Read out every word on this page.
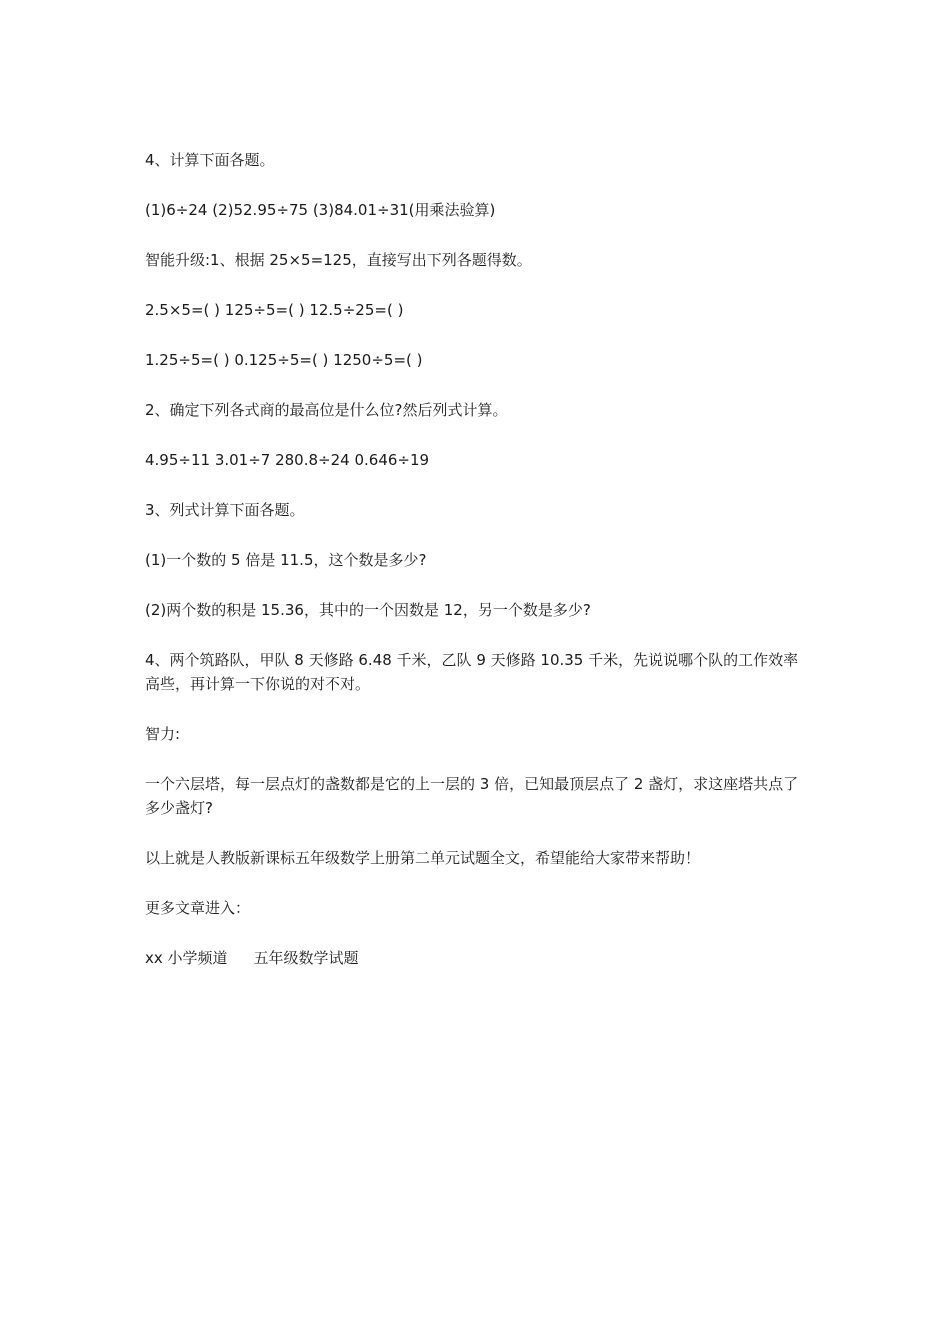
4、计算下面各题。

(1)6÷24 (2)52.95÷75 (3)84.01÷31(用乘法验算)

智能升级:1、根据 25×5=125，直接写出下列各题得数。

2.5×5=( ) 125÷5=( ) 12.5÷25=( )

1.25÷5=( ) 0.125÷5=( ) 1250÷5=( )

2、确定下列各式商的最高位是什么位?然后列式计算。

4.95÷11 3.01÷7 280.8÷24 0.646÷19

3、列式计算下面各题。

(1)一个数的 5 倍是 11.5，这个数是多少?

(2)两个数的积是 15.36，其中的一个因数是 12，另一个数是多少?

4、两个筑路队，甲队 8 天修路 6.48 千米，乙队 9 天修路 10.35 千米，先说说哪个队的工作效率高些，再计算一下你说的对不对。

智力:

一个六层塔，每一层点灯的盏数都是它的上一层的 3 倍，已知最顶层点了 2 盏灯，求这座塔共点了多少盏灯?

以上就是人教版新课标五年级数学上册第二单元试题全文，希望能给大家带来帮助！

更多文章进入：

xx 小学频道 五年级数学试题
